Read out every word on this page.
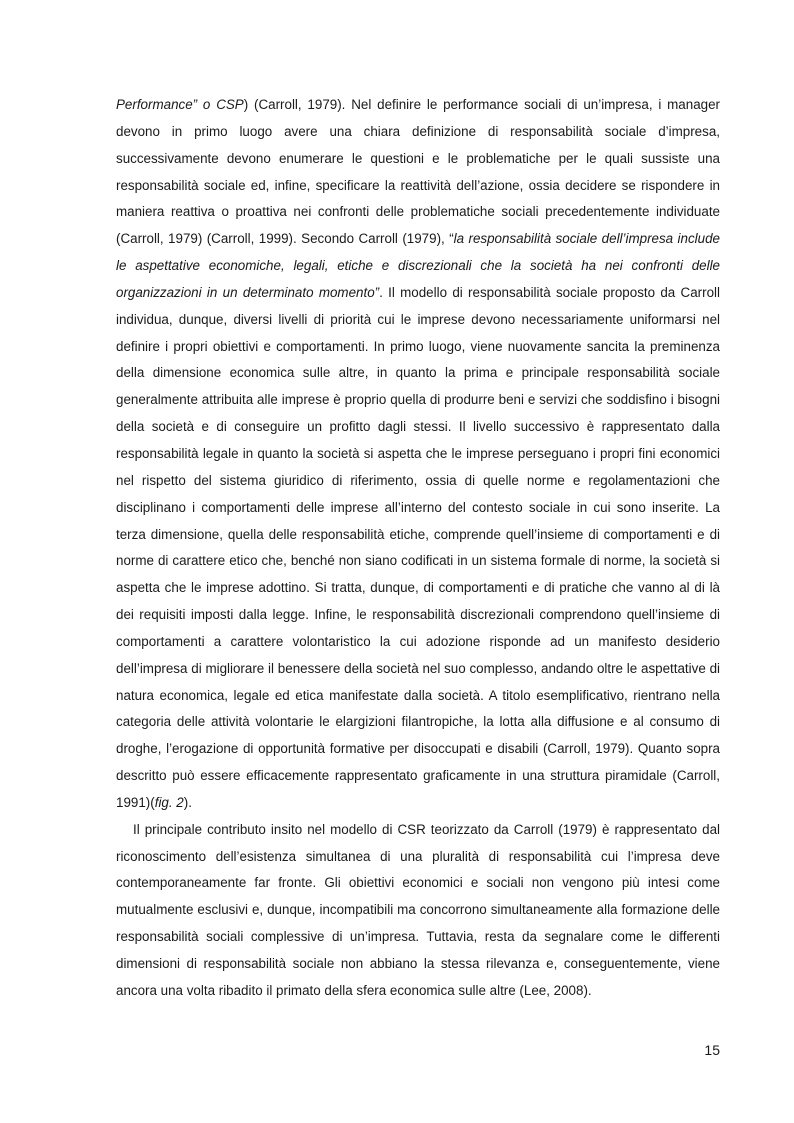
Performance” o CSP) (Carroll, 1979). Nel definire le performance sociali di un’impresa, i manager devono in primo luogo avere una chiara definizione di responsabilità sociale d’impresa, successivamente devono enumerare le questioni e le problematiche per le quali sussiste una responsabilità sociale ed, infine, specificare la reattività dell’azione, ossia decidere se rispondere in maniera reattiva o proattiva nei confronti delle problematiche sociali precedentemente individuate (Carroll, 1979) (Carroll, 1999). Secondo Carroll (1979), “la responsabilità sociale dell’impresa include le aspettative economiche, legali, etiche e discrezionali che la società ha nei confronti delle organizzazioni in un determinato momento”. Il modello di responsabilità sociale proposto da Carroll individua, dunque, diversi livelli di priorità cui le imprese devono necessariamente uniformarsi nel definire i propri obiettivi e comportamenti. In primo luogo, viene nuovamente sancita la preminenza della dimensione economica sulle altre, in quanto la prima e principale responsabilità sociale generalmente attribuita alle imprese è proprio quella di produrre beni e servizi che soddisfino i bisogni della società e di conseguire un profitto dagli stessi. Il livello successivo è rappresentato dalla responsabilità legale in quanto la società si aspetta che le imprese perseguano i propri fini economici nel rispetto del sistema giuridico di riferimento, ossia di quelle norme e regolamentazioni che disciplinano i comportamenti delle imprese all’interno del contesto sociale in cui sono inserite. La terza dimensione, quella delle responsabilità etiche, comprende quell’insieme di comportamenti e di norme di carattere etico che, benché non siano codificati in un sistema formale di norme, la società si aspetta che le imprese adottino. Si tratta, dunque, di comportamenti e di pratiche che vanno al di là dei requisiti imposti dalla legge. Infine, le responsabilità discrezionali comprendono quell’insieme di comportamenti a carattere volontaristico la cui adozione risponde ad un manifesto desiderio dell’impresa di migliorare il benessere della società nel suo complesso, andando oltre le aspettative di natura economica, legale ed etica manifestate dalla società. A titolo esemplificativo, rientrano nella categoria delle attività volontarie le elargizioni filantropiche, la lotta alla diffusione e al consumo di droghe, l’erogazione di opportunità formative per disoccupati e disabili (Carroll, 1979). Quanto sopra descritto può essere efficacemente rappresentato graficamente in una struttura piramidale (Carroll, 1991)(fig. 2).

Il principale contributo insito nel modello di CSR teorizzato da Carroll (1979) è rappresentato dal riconoscimento dell’esistenza simultanea di una pluralità di responsabilità cui l’impresa deve contemporaneamente far fronte. Gli obiettivi economici e sociali non vengono più intesi come mutualmente esclusivi e, dunque, incompatibili ma concorrono simultaneamente alla formazione delle responsabilità sociali complessive di un’impresa. Tuttavia, resta da segnalare come le differenti dimensioni di responsabilità sociale non abbiano la stessa rilevanza e, conseguentemente, viene ancora una volta ribadito il primato della sfera economica sulle altre (Lee, 2008).

15
